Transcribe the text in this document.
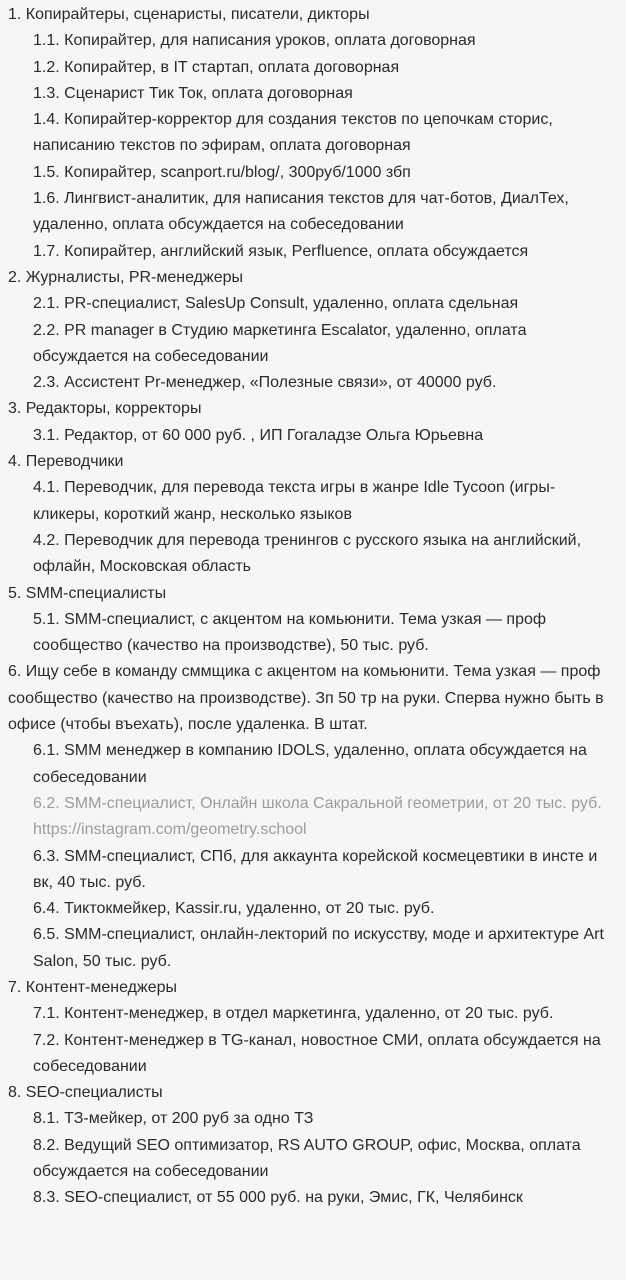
1. Копирайтеры, сценаристы, писатели, дикторы

1.1. Копирайтер, для написания уроков, оплата договорная

1.2. Копирайтер, в IT стартап, оплата договорная

1.3. Сценарист Тик Ток, оплата договорная

1.4. Копирайтер-корректор для создания текстов по цепочкам сторис, написанию текстов по эфирам, оплата договорная

1.5. Копирайтер, scanport.ru/blog/, 300руб/1000 збп

1.6. Лингвист-аналитик, для написания текстов для чат-ботов, ДиалТех, удаленно, оплата обсуждается на собеседовании

1.7. Копирайтер, английский язык, Perfluence, оплата обсуждается

2. Журналисты, PR-менеджеры

2.1. PR-специалист, SalesUp Consult, удаленно, оплата сдельная

2.2. PR manager в Студию маркетинга Escalator, удаленно, оплата обсуждается на собеседовании

2.3. Ассистент Pr-менеджер, «Полезные связи», от 40000 руб.

3. Редакторы, корректоры

3.1. Редактор, от 60 000 руб. , ИП Гогаладзе Ольга Юрьевна

4. Переводчики

4.1. Переводчик, для перевода текста игры в жанре Idle Tycoon (игры-кликеры, короткий жанр, несколько языков

4.2. Переводчик для перевода тренингов с русского языка на английский, офлайн, Московская область

5. SMM-специалисты

5.1. SMM-специалист, с акцентом на комьюнити. Тема узкая — проф сообщество (качество на производстве), 50 тыс. руб.

6. Ищу себе в команду сммщика с акцентом на комьюнити. Тема узкая — проф сообщество (качество на производстве). Зп 50 тр на руки. Сперва нужно быть в офисе (чтобы въехать), после удаленка. В штат.

6.1. SMM менеджер в компанию IDOLS, удаленно, оплата обсуждается на собеседовании

6.2. SMM-специалист, Онлайн школа Сакральной геометрии, от 20 тыс. руб. https://instagram.com/geometry.school

6.3. SMM-специалист, СПб, для аккаунта корейской космецевтики в инсте и вк, 40 тыс. руб.

6.4. Тиктокмейкер, Kassir.ru, удаленно, от 20 тыс. руб.

6.5. SMM-специалист, онлайн-лекторий по искусству, моде и архитектуре Art Salon, 50 тыс. руб.

7. Контент-менеджеры

7.1. Контент-менеджер, в отдел маркетинга, удаленно, от 20 тыс. руб.

7.2. Контент-менеджер в TG-канал, новостное СМИ, оплата обсуждается на собеседовании

8. SEO-специалисты

8.1. ТЗ-мейкер, от 200 руб за одно ТЗ

8.2. Ведущий SEO оптимизатор, RS AUTO GROUP, офис, Москва, оплата обсуждается на собеседовании

8.3. SEO-специалист, от 55 000 руб. на руки, Эмис, ГК, Челябинск
